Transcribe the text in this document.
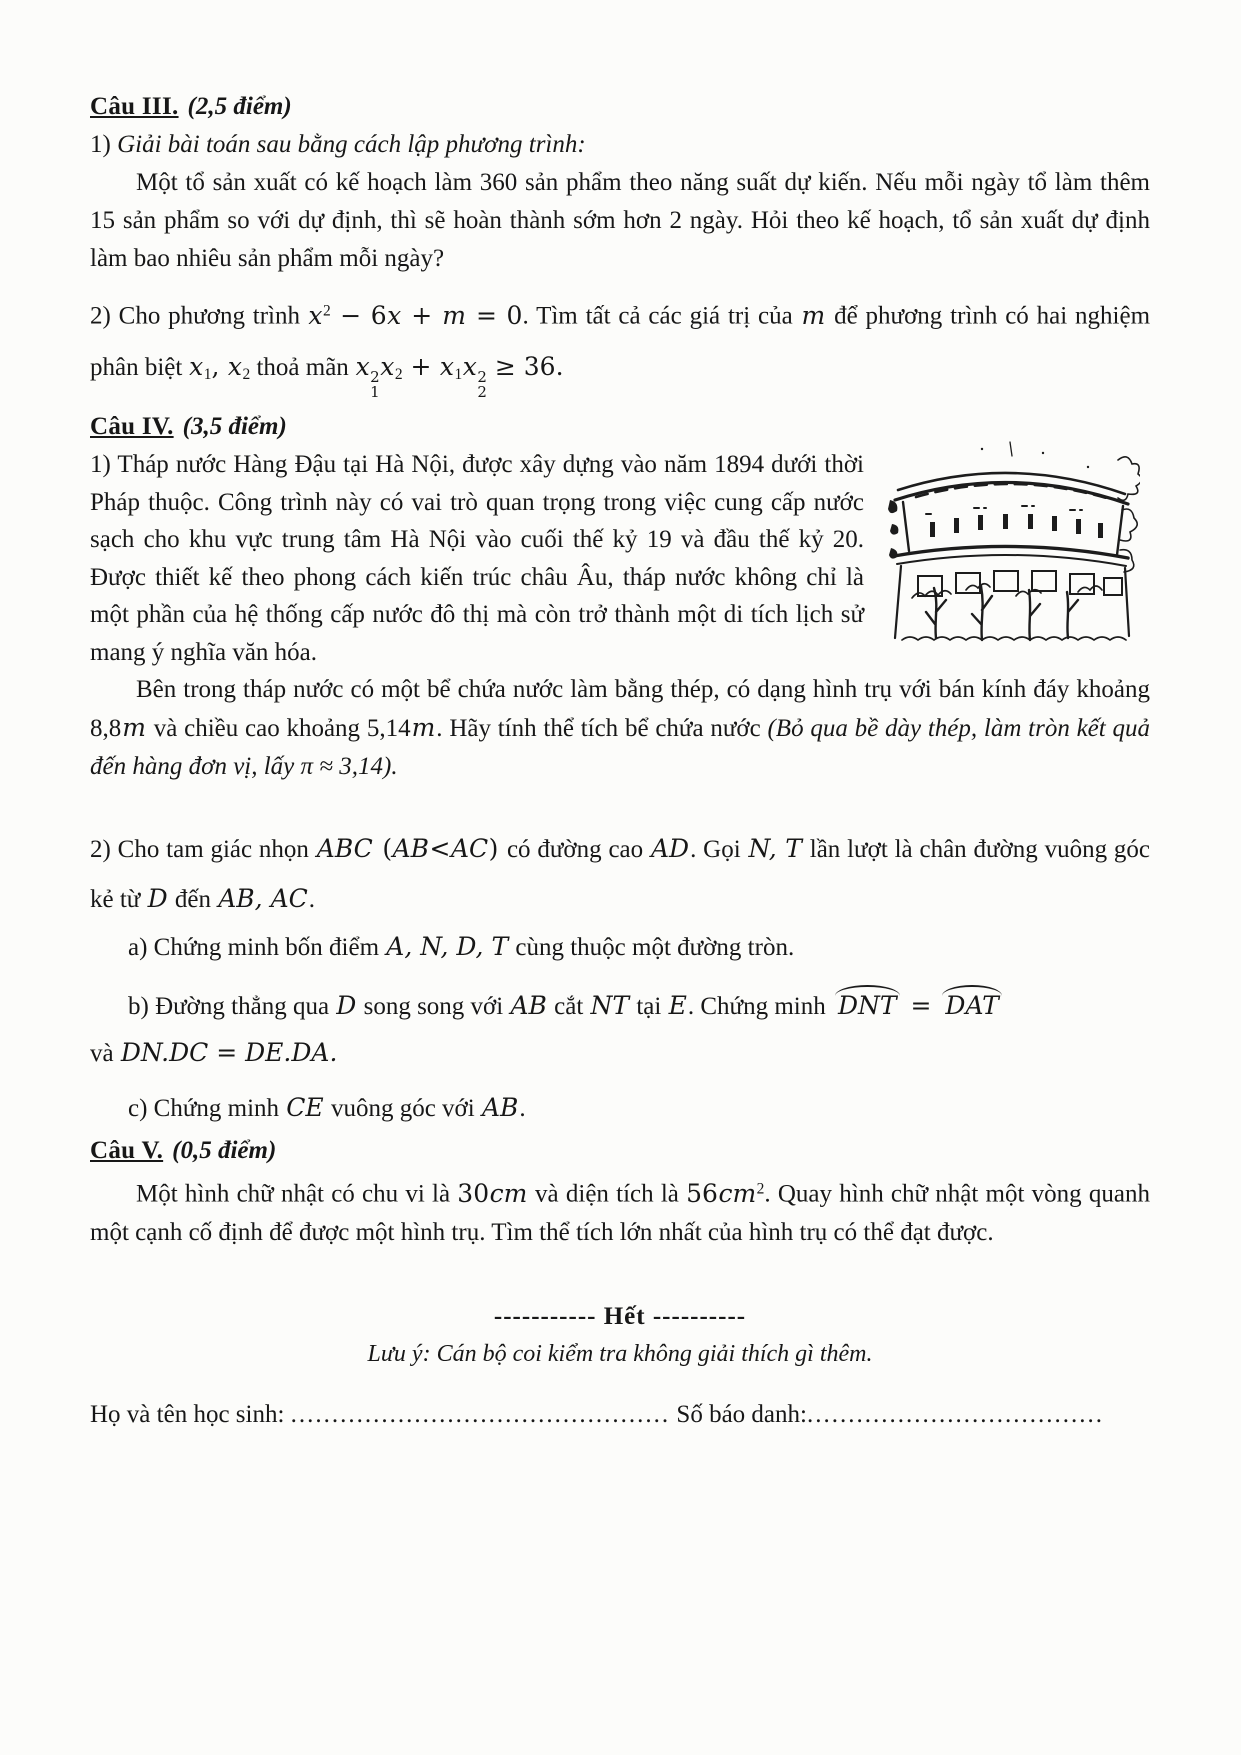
Câu III. (2,5 điểm)

1) Giải bài toán sau bằng cách lập phương trình:

Một tổ sản xuất có kế hoạch làm 360 sản phẩm theo năng suất dự kiến. Nếu mỗi ngày tổ làm thêm 15 sản phẩm so với dự định, thì sẽ hoàn thành sớm hơn 2 ngày. Hỏi theo kế hoạch, tổ sản xuất dự định làm bao nhiêu sản phẩm mỗi ngày?

2) Cho phương trình $x^2 - 6x + m = 0$. Tìm tất cả các giá trị của m để phương trình có hai nghiệm phân biệt x1, x2 thoả mãn x 2
1
x2 + x1x 2
2
≥ 36.

Câu IV. (3,5 điểm)

1) Tháp nước Hàng Đậu tại Hà Nội, được xây dựng vào năm 1894 dưới thời Pháp thuộc. Công trình này có vai trò quan trọng trong việc cung cấp nước sạch cho khu vực trung tâm Hà Nội vào cuối thế kỷ 19 và đầu thế kỷ 20. Được thiết kế theo phong cách kiến trúc châu Âu, tháp nước không chỉ là một phần của hệ thống cấp nước đô thị mà còn trở thành một di tích lịch sử mang ý nghĩa văn hóa.

Bên trong tháp nước có một bể chứa nước làm bằng thép, có dạng hình trụ với bán kính đáy khoảng 8,8m và chiều cao khoảng 5,14m. Hãy tính thể tích bể chứa nước (Bỏ qua bề dày thép, làm tròn kết quả đến hàng đơn vị, lấy π ≈ 3,14).

2) Cho tam giác nhọn ABC (AB<AC) có đường cao AD. Gọi N, T lần lượt là chân đường vuông góc kẻ từ D đến AB, AC.

a) Chứng minh bốn điểm A, N, D, T cùng thuộc một đường tròn.

b) Đường thẳng qua D song song với AB cắt NT tại E. Chứng minh DNT = DAT

và DN.DC = DE.DA.

c) Chứng minh CE vuông góc với AB.

Câu V. (0,5 điểm)

Một hình chữ nhật có chu vi là 30cm và diện tích là $56cm^2$. Quay hình chữ nhật một vòng quanh một cạnh cố định để được một hình trụ. Tìm thể tích lớn nhất của hình trụ có thể đạt được.

----------- Hết ----------

Lưu ý: Cán bộ coi kiểm tra không giải thích gì thêm.

Họ và tên học sinh: .............................................. Số báo danh:....................................
